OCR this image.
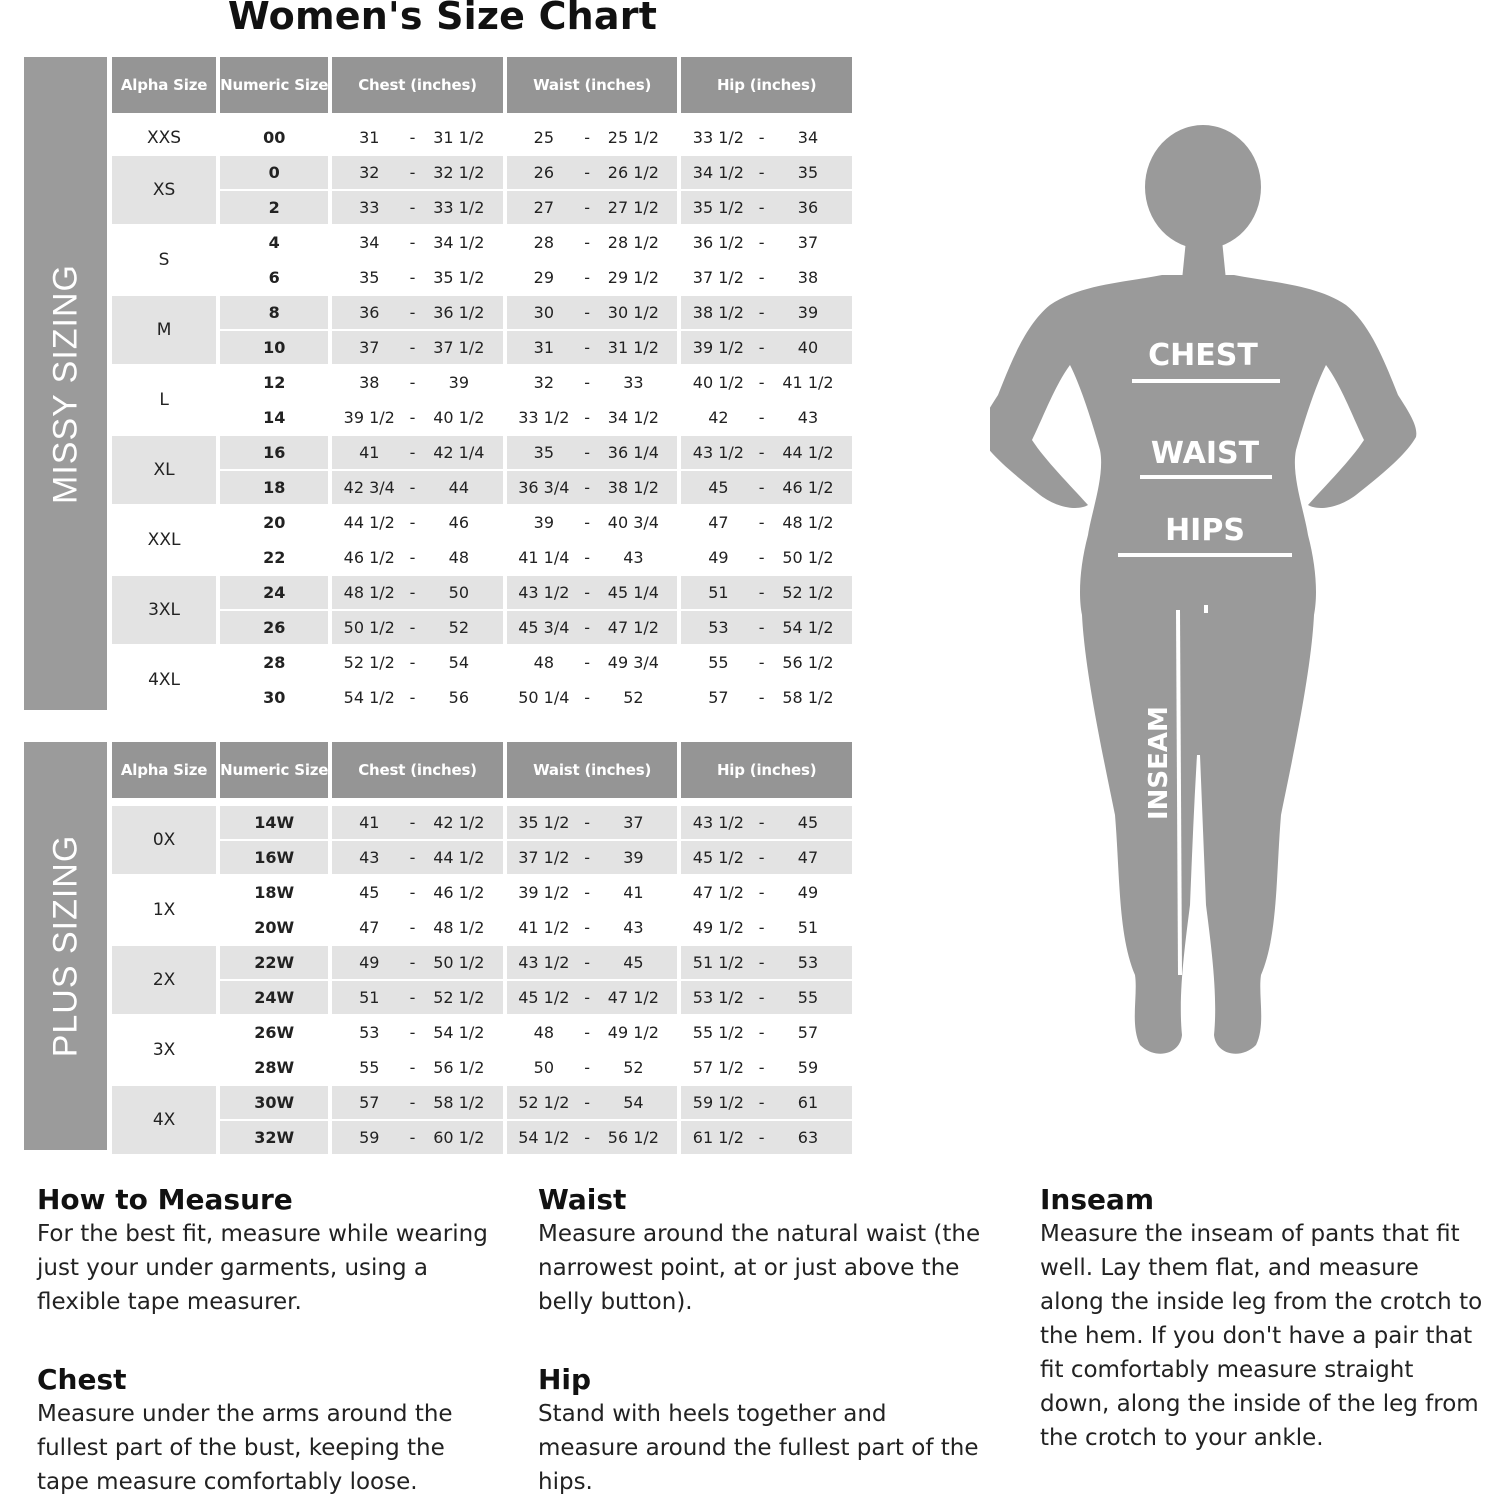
Women's Size Chart
MISSY SIZING
Alpha Size	Numeric Size	Chest (inches)	Waist (inches)	Hip (inches)
XXS	00	31 - 31 1/2	25 - 25 1/2	33 1/2 - 34

XS	0	32 - 32 1/2	26 - 26 1/2	34 1/2 - 35

	2	33 - 33 1/2	27 - 27 1/2	35 1/2 - 36

S	4	34 - 34 1/2	28 - 28 1/2	36 1/2 - 37

	6	35 - 35 1/2	29 - 29 1/2	37 1/2 - 38

M	8	36 - 36 1/2	30 - 30 1/2	38 1/2 - 39

	10	37 - 37 1/2	31 - 31 1/2	39 1/2 - 40

L	12	38 - 39	32 - 33	40 1/2 - 41 1/2

	14	39 1/2 - 40 1/2	33 1/2 - 34 1/2	42 - 43

XL	16	41 - 42 1/4	35 - 36 1/4	43 1/2 - 44 1/2

	18	42 3/4 - 44	36 3/4 - 38 1/2	45 - 46 1/2

XXL	20	44 1/2 - 46	39 - 40 3/4	47 - 48 1/2

	22	46 1/2 - 48	41 1/4 - 43	49 - 50 1/2

3XL	24	48 1/2 - 50	43 1/2 - 45 1/4	51 - 52 1/2

	26	50 1/2 - 52	45 3/4 - 47 1/2	53 - 54 1/2

4XL	28	52 1/2 - 54	48 - 49 3/4	55 - 56 1/2

	30	54 1/2 - 56	50 1/4 - 52	57 - 58 1/2
PLUS SIZING
Alpha Size	Numeric Size	Chest (inches)	Waist (inches)	Hip (inches)
0X	14W	41 - 42 1/2	35 1/2 - 37	43 1/2 - 45

	16W	43 - 44 1/2	37 1/2 - 39	45 1/2 - 47

1X	18W	45 - 46 1/2	39 1/2 - 41	47 1/2 - 49

	20W	47 - 48 1/2	41 1/2 - 43	49 1/2 - 51

2X	22W	49 - 50 1/2	43 1/2 - 45	51 1/2 - 53

	24W	51 - 52 1/2	45 1/2 - 47 1/2	53 1/2 - 55

3X	26W	53 - 54 1/2	48 - 49 1/2	55 1/2 - 57

	28W	55 - 56 1/2	50 - 52	57 1/2 - 59

4X	30W	57 - 58 1/2	52 1/2 - 54	59 1/2 - 61

	32W	59 - 60 1/2	54 1/2 - 56 1/2	61 1/2 - 63
CHEST
WAIST
HIPS
INSEAM
How to Measure

For the best fit, measure while wearing just your under garments, using a flexible tape measurer.

Chest

Measure under the arms around the fullest part of the bust, keeping the tape measure comfortably loose.

Waist

Measure around the natural waist (the narrowest point, at or just above the belly button).

Hip

Stand with heels together and measure around the fullest part of the hips.

Inseam

Measure the inseam of pants that fit well. Lay them flat, and measure along the inside leg from the crotch to the hem. If you don't have a pair that fit comfortably measure straight down, along the inside of the leg from the crotch to your ankle.
